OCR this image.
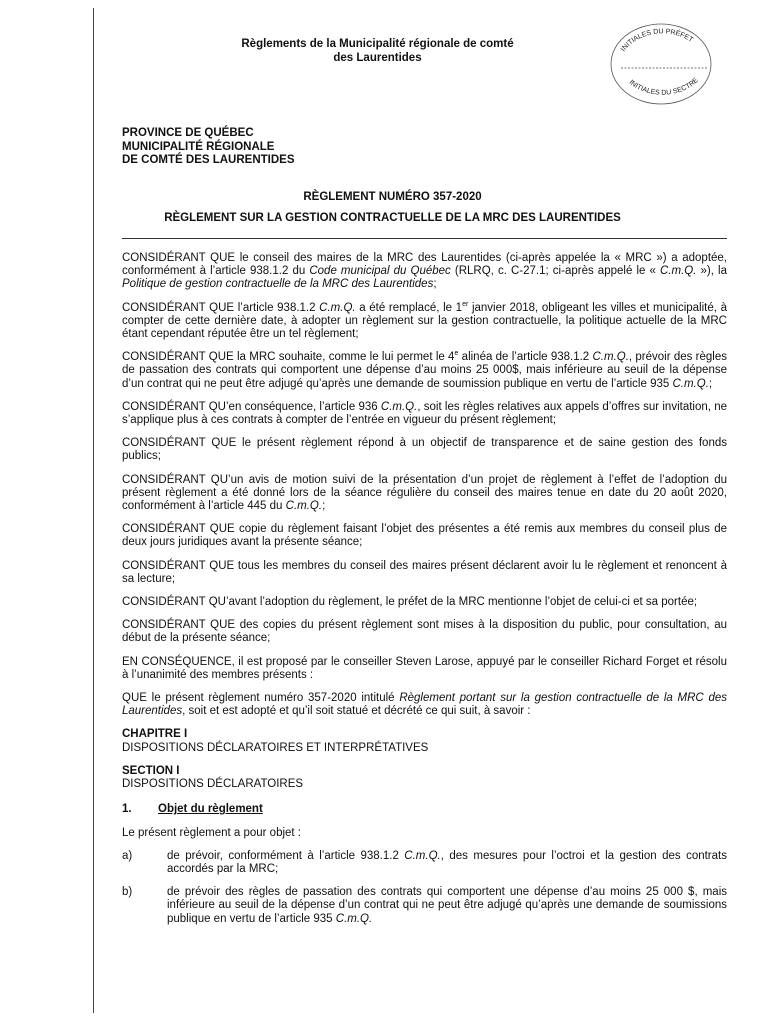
Règlements de la Municipalité régionale de comté
des Laurentides
INITIALES DU PRÉFET
INITIALES DU SECTRE
PROVINCE DE QUÉBEC
MUNICIPALITÉ RÉGIONALE
DE COMTÉ DES LAURENTIDES
RÈGLEMENT NUMÉRO 357-2020
RÈGLEMENT SUR LA GESTION CONTRACTUELLE DE LA MRC DES LAURENTIDES

CONSIDÉRANT QUE le conseil des maires de la MRC des Laurentides (ci-après appelée la « MRC ») a adoptée, conformément à l’article 938.1.2 du Code municipal du Québec (RLRQ, c. C-27.1; ci-après appelé le « C.m.Q. »), la Politique de gestion contractuelle de la MRC des Laurentides;

CONSIDÉRANT QUE l’article 938.1.2 C.m.Q. a été remplacé, le 1er janvier 2018, obligeant les villes et municipalité, à compter de cette dernière date, à adopter un règlement sur la gestion contractuelle, la politique actuelle de la MRC étant cependant réputée être un tel règlement;

CONSIDÉRANT QUE la MRC souhaite, comme le lui permet le 4e alinéa de l’article 938.1.2 C.m.Q., prévoir des règles de passation des contrats qui comportent une dépense d’au moins 25 000$, mais inférieure au seuil de la dépense d’un contrat qui ne peut être adjugé qu’après une demande de soumission publique en vertu de l’article 935 C.m.Q.;

CONSIDÉRANT QU’en conséquence, l’article 936 C.m.Q., soit les règles relatives aux appels d’offres sur invitation, ne s’applique plus à ces contrats à compter de l’entrée en vigueur du présent règlement;

CONSIDÉRANT QUE le présent règlement répond à un objectif de transparence et de saine gestion des fonds publics;

CONSIDÉRANT QU’un avis de motion suivi de la présentation d’un projet de règlement à l’effet de l’adoption du présent règlement a été donné lors de la séance régulière du conseil des maires tenue en date du 20 août 2020, conformément à l’article 445 du C.m.Q.;

CONSIDÉRANT QUE copie du règlement faisant l’objet des présentes a été remis aux membres du conseil plus de deux jours juridiques avant la présente séance;

CONSIDÉRANT QUE tous les membres du conseil des maires présent déclarent avoir lu le règlement et renoncent à sa lecture;

CONSIDÉRANT QU’avant l’adoption du règlement, le préfet de la MRC mentionne l’objet de celui-ci et sa portée;

CONSIDÉRANT QUE des copies du présent règlement sont mises à la disposition du public, pour consultation, au début de la présente séance;

EN CONSÉQUENCE, il est proposé par le conseiller Steven Larose, appuyé par le conseiller Richard Forget et résolu à l’unanimité des membres présents :

QUE le présent règlement numéro 357-2020 intitulé Règlement portant sur la gestion contractuelle de la MRC des Laurentides, soit et est adopté et qu’il soit statué et décrété ce qui suit, à savoir :

CHAPITRE I

DISPOSITIONS DÉCLARATOIRES ET INTERPRÉTATIVES

SECTION I
DISPOSITIONS DÉCLARATOIRES
1.	Objet du règlement

Le présent règlement a pour objet :

a)	de prévoir, conformément à l’article 938.1.2 C.m.Q., des mesures pour l’octroi et la gestion des contrats accordés par la MRC;
b)	de prévoir des règles de passation des contrats qui comportent une dépense d’au moins 25 000 $, mais inférieure au seuil de la dépense d’un contrat qui ne peut être adjugé qu’après une demande de soumissions publique en vertu de l’article 935 C.m.Q.
